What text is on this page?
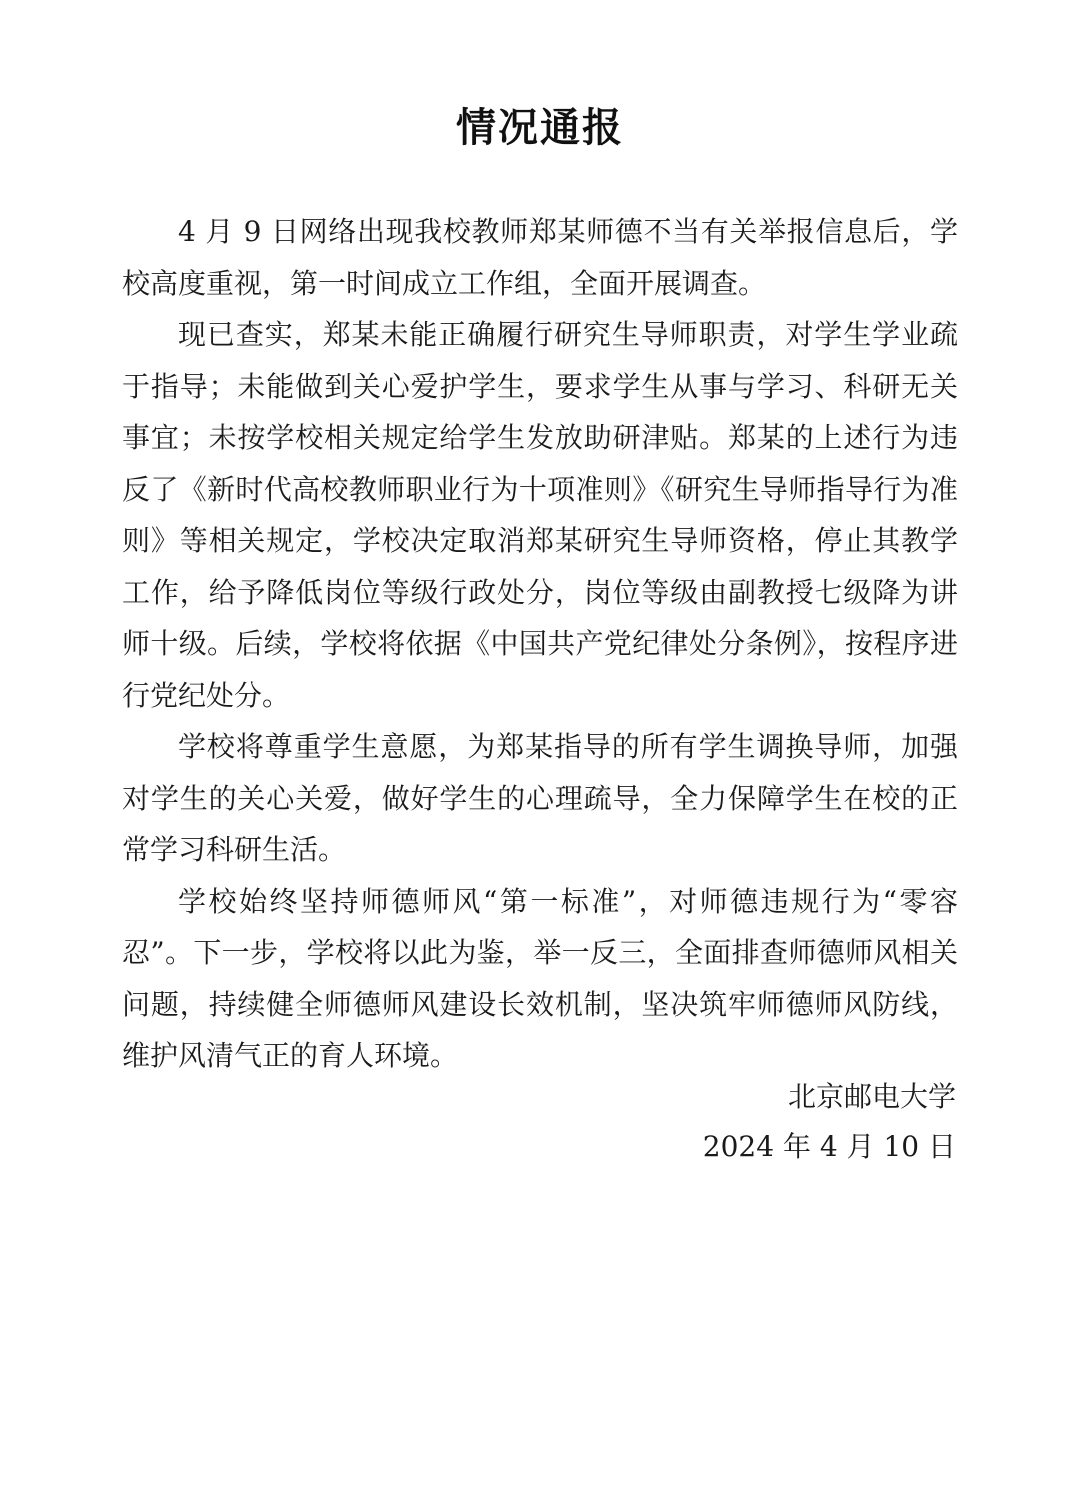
情况通报

4 月 9 日网络出现我校教师郑某师德不当有关举报信息后，学校高度重视，第一时间成立工作组，全面开展调查。

现已查实，郑某未能正确履行研究生导师职责，对学生学业疏于指导；未能做到关心爱护学生，要求学生从事与学习、科研无关事宜；未按学校相关规定给学生发放助研津贴。郑某的上述行为违反了《新时代高校教师职业行为十项准则》《研究生导师指导行为准则》等相关规定，学校决定取消郑某研究生导师资格，停止其教学工作，给予降低岗位等级行政处分，岗位等级由副教授七级降为讲师十级。后续，学校将依据《中国共产党纪律处分条例》，按程序进行党纪处分。

学校将尊重学生意愿，为郑某指导的所有学生调换导师，加强对学生的关心关爱，做好学生的心理疏导，全力保障学生在校的正常学习科研生活。

学校始终坚持师德师风“第一标准”，对师德违规行为“零容忍”。下一步，学校将以此为鉴，举一反三，全面排查师德师风相关问题，持续健全师德师风建设长效机制，坚决筑牢师德师风防线，维护风清气正的育人环境。

北京邮电大学
2024 年 4 月 10 日
